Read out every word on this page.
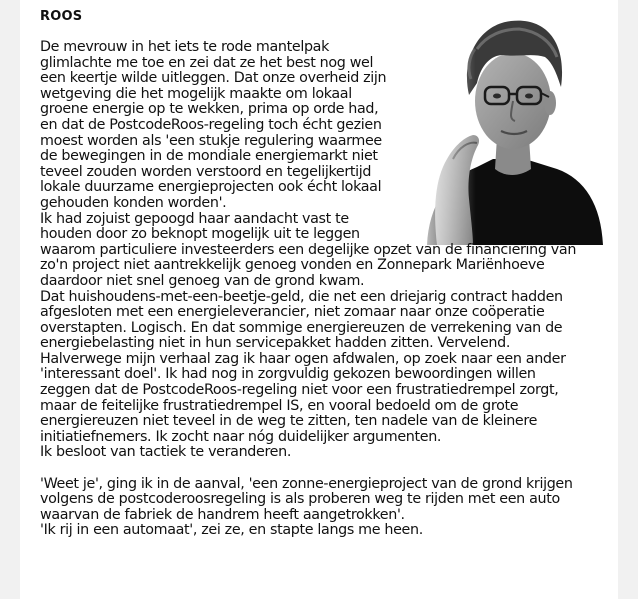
ROOS

De mevrouw in het iets te rode mantelpak
glimlachte me toe en zei dat ze het best nog wel
een keertje wilde uitleggen. Dat onze overheid zijn
wetgeving die het mogelijk maakte om lokaal
groene energie op te wekken, prima op orde had,
en dat de PostcodeRoos-regeling toch écht gezien
moest worden als 'een stukje regulering waarmee
de bewegingen in de mondiale energiemarkt niet
teveel zouden worden verstoord en tegelijkertijd
lokale duurzame energieprojecten ook écht lokaal
gehouden konden worden'.

Ik had zojuist gepoogd haar aandacht vast te
houden door zo beknopt mogelijk uit te leggen
waarom particuliere investeerders een degelijke opzet van de financiering van
zo'n project niet aantrekkelijk genoeg vonden en Zonnepark Mariënhoeve
daardoor niet snel genoeg van de grond kwam.
Dat huishoudens-met-een-beetje-geld, die net een driejarig contract hadden
afgesloten met een energieleverancier, niet zomaar naar onze coöperatie
overstapten. Logisch. En dat sommige energiereuzen de verrekening van de
energiebelasting niet in hun servicepakket hadden zitten. Vervelend.
Halverwege mijn verhaal zag ik haar ogen afdwalen, op zoek naar een ander
'interessant doel'. Ik had nog in zorgvuldig gekozen bewoordingen willen
zeggen dat de PostcodeRoos-regeling niet voor een frustratiedrempel zorgt,
maar de feitelijke frustratiedrempel IS, en vooral bedoeld om de grote
energiereuzen niet teveel in de weg te zitten, ten nadele van de kleinere
initiatiefnemers. Ik zocht naar nóg duidelijker argumenten.
Ik besloot van tactiek te veranderen.

'Weet je', ging ik in de aanval, 'een zonne-energieproject van de grond krijgen
volgens de postcoderoosregeling is als proberen weg te rijden met een auto
waarvan de fabriek de handrem heeft aangetrokken'.
'Ik rij in een automaat', zei ze, en stapte langs me heen.
